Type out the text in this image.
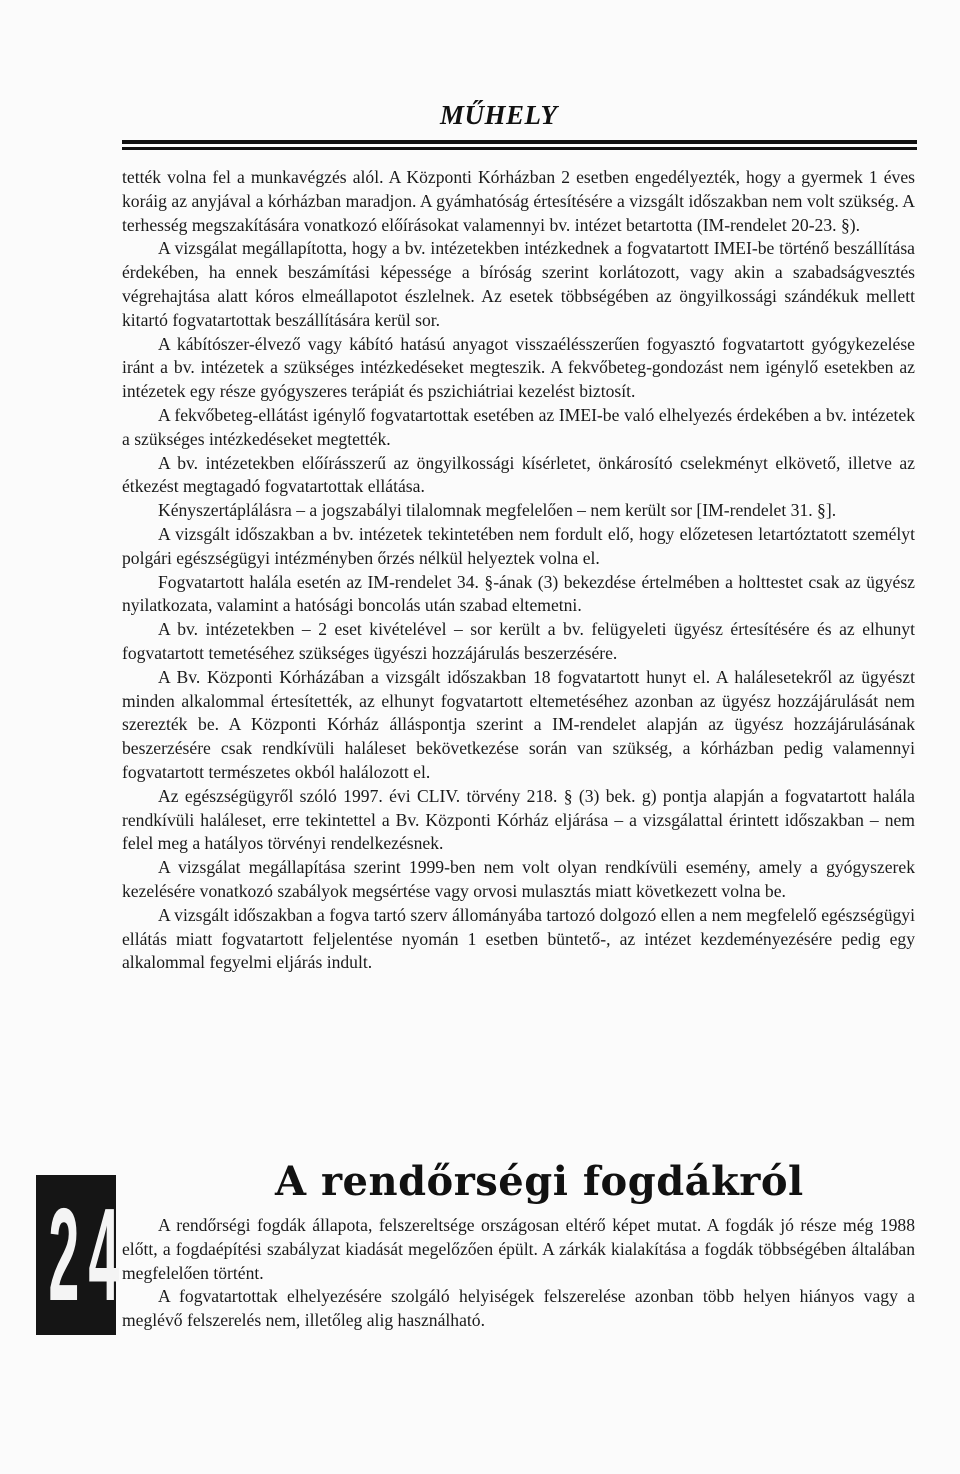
MŰHELY

tették volna fel a munkavégzés alól. A Központi Kórházban 2 esetben engedélyezték, hogy a gyermek 1 éves koráig az anyjával a kórházban maradjon. A gyámhatóság értesítésére a vizsgált időszakban nem volt szükség. A terhesség megszakítására vonatkozó előírásokat valamennyi bv. intézet betartotta (IM-rendelet 20-23. §).

A vizsgálat megállapította, hogy a bv. intézetekben intézkednek a fogvatartott IMEI-be történő beszállítása érdekében, ha ennek beszámítási képessége a bíróság szerint korlátozott, vagy akin a szabadságvesztés végrehajtása alatt kóros elmeállapotot észlelnek. Az esetek többségében az öngyilkossági szándékuk mellett kitartó fogvatartottak beszállítására kerül sor.

A kábítószer-élvező vagy kábító hatású anyagot visszaélésszerűen fogyasztó fogvatartott gyógykezelése iránt a bv. intézetek a szükséges intézkedéseket megteszik. A fekvőbeteg-gondozást nem igénylő esetekben az intézetek egy része gyógyszeres terápiát és pszichiátriai kezelést biztosít.

A fekvőbeteg-ellátást igénylő fogvatartottak esetében az IMEI-be való elhelyezés érdekében a bv. intézetek a szükséges intézkedéseket megtették.

A bv. intézetekben előírásszerű az öngyilkossági kísérletet, önkárosító cselekményt elkövető, illetve az étkezést megtagadó fogvatartottak ellátása.

Kényszertáplálásra – a jogszabályi tilalomnak megfelelően – nem került sor [IM-rendelet 31. §].

A vizsgált időszakban a bv. intézetek tekintetében nem fordult elő, hogy előzetesen letartóztatott személyt polgári egészségügyi intézményben őrzés nélkül helyeztek volna el.

Fogvatartott halála esetén az IM-rendelet 34. §-ának (3) bekezdése értelmében a holttestet csak az ügyész nyilatkozata, valamint a hatósági boncolás után szabad eltemetni.

A bv. intézetekben – 2 eset kivételével – sor került a bv. felügyeleti ügyész értesítésére és az elhunyt fogvatartott temetéséhez szükséges ügyészi hozzájárulás beszerzésére.

A Bv. Központi Kórházában a vizsgált időszakban 18 fogvatartott hunyt el. A halálesetekről az ügyészt minden alkalommal értesítették, az elhunyt fogvatartott eltemetéséhez azonban az ügyész hozzájárulását nem szerezték be. A Központi Kórház álláspontja szerint a IM-rendelet alapján az ügyész hozzájárulásának beszerzésére csak rendkívüli haláleset bekövetkezése során van szükség, a kórházban pedig valamennyi fogvatartott természetes okból halálozott el.

Az egészségügyről szóló 1997. évi CLIV. törvény 218. § (3) bek. g) pontja alapján a fogvatartott halála rendkívüli haláleset, erre tekintettel a Bv. Központi Kórház eljárása – a vizsgálattal érintett időszakban – nem felel meg a hatályos törvényi rendelkezésnek.

A vizsgálat megállapítása szerint 1999-ben nem volt olyan rendkívüli esemény, amely a gyógyszerek kezelésére vonatkozó szabályok megsértése vagy orvosi mulasztás miatt következett volna be.

A vizsgált időszakban a fogva tartó szerv állományába tartozó dolgozó ellen a nem megfelelő egészségügyi ellátás miatt fogvatartott feljelentése nyomán 1 esetben büntető-, az intézet kezdeményezésére pedig egy alkalommal fegyelmi eljárás indult.

2 4	A rendőrségi fogdákról

A rendőrségi fogdák állapota, felszereltsége országosan eltérő képet mutat. A fogdák jó része még 1988 előtt, a fogdaépítési szabályzat kiadását megelőzően épült. A zárkák kialakítása a fogdák többségében általában megfelelően történt.

A fogvatartottak elhelyezésére szolgáló helyiségek felszerelése azonban több helyen hiányos vagy a meglévő felszerelés nem, illetőleg alig használható.
